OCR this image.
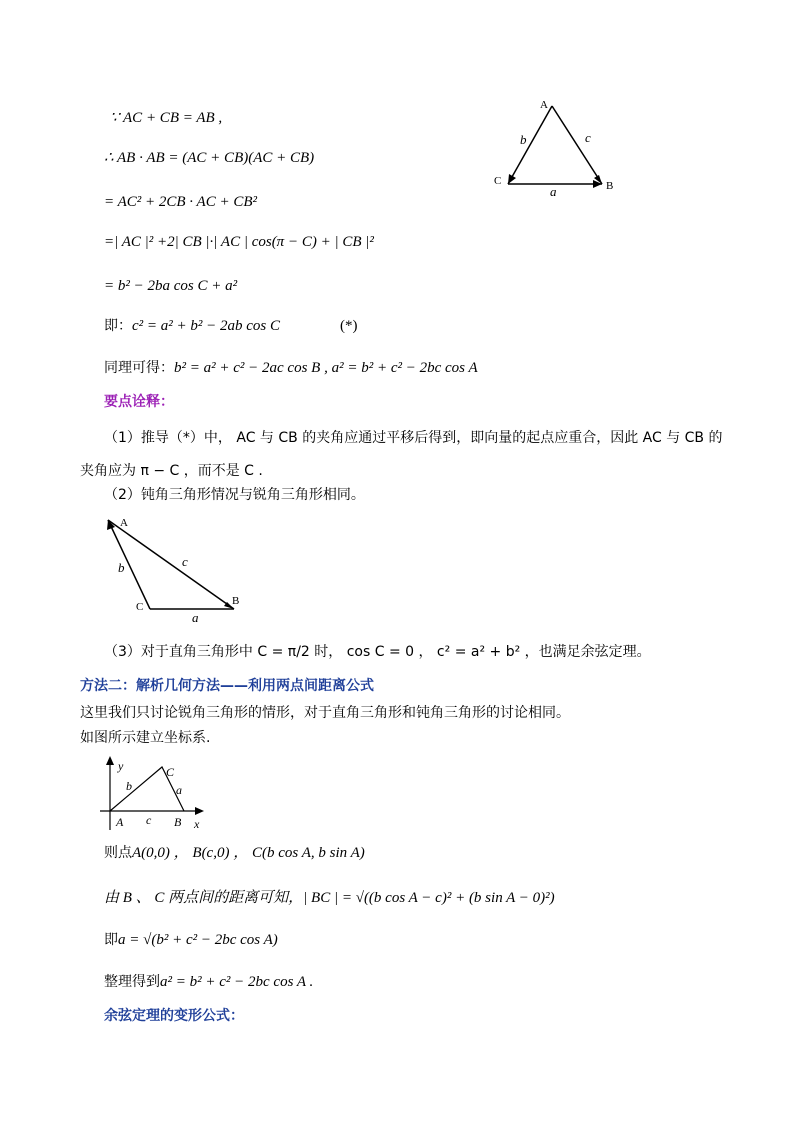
∵ AC + CB = AB ,
∴ AB · AB = (AC + CB)(AC + CB)
= AC² + 2CB · AC + CB²
=| AC |² +2| CB |·| AC | cos(π − C) + | CB |²
= b² − 2ba cos C + a²
即：c² = a² + b² − 2ab cos C	(*)
同理可得：b² = a² + c² − 2ac cos B , a² = b² + c² − 2bc cos A
A
C	B
b	c
a
要点诠释：
（1）推导（*）中， AC 与 CB 的夹角应通过平移后得到，即向量的起点应重合，因此 AC 与 CB 的
夹角应为 π − C ，而不是 C .
（2）钝角三角形情况与锐角三角形相同。
A
C	B
b	c
a
（3）对于直角三角形中 C = π/2 时， cos C = 0 ， c² = a² + b² ，也满足余弦定理。
方法二：解析几何方法——利用两点间距离公式
这里我们只讨论锐角三角形的情形，对于直角三角形和钝角三角形的讨论相同。
如图所示建立坐标系.
y
x
A	B
C
b	a
c
则点A(0,0) ， B(c,0) ， C(b cos A, b sin A)
由 B 、 C 两点间的距离可知，| BC | = √((b cos A − c)² + (b sin A − 0)²)
即a = √(b² + c² − 2bc cos A)
整理得到a² = b² + c² − 2bc cos A .
余弦定理的变形公式：
